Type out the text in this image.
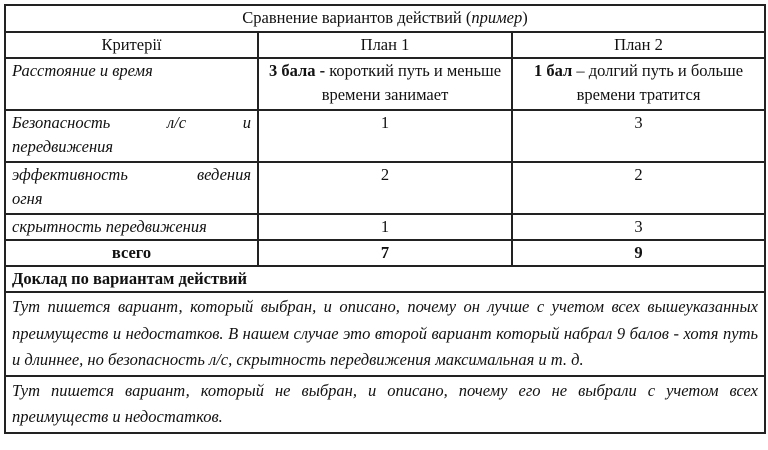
Сравнение вариантов действий (пример)		
Критерії	План 1	План 2
Расстояние и время	3 бала - короткий путь и меньше времени занимает	1 бал – долгий путь и больше времени тратится

Безопасность л/с и
передвижения	1	3

эффективность ведения
огня	2	2
скрытность передвижения	1	3
всего	7	9
Доклад по вариантам действий		
Тут пишется вариант, который выбран, и описано, почему он лучше с учетом всех вышеуказанных преимуществ и недостатков. В нашем случае это второй вариант который набрал 9 балов - хотя путь и длиннее, но безопасность л/с, скрытность передвижения максимальная и т. д.		
Тут пишется вариант, который не выбран, и описано, почему его не выбрали с учетом всех преимуществ и недостатков.		
